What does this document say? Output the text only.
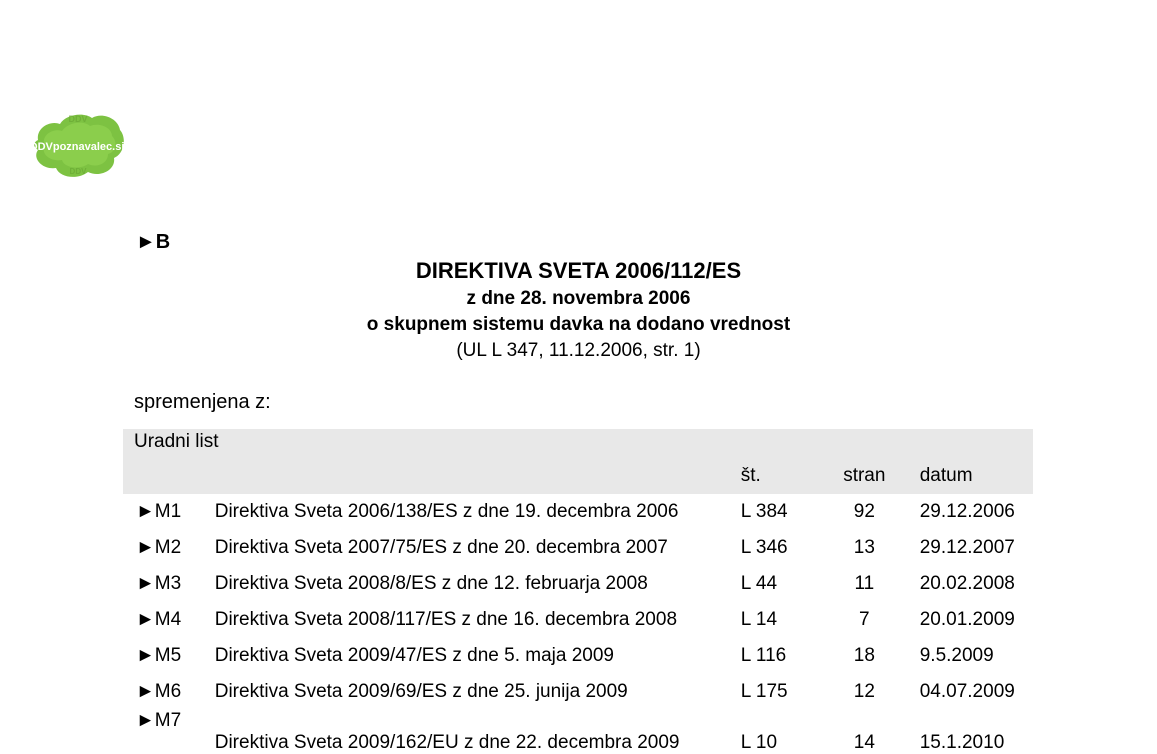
DDV
DDV
DDVpoznavalec.si
►B
DIREKTIVA SVETA 2006/112/ES
z dne 28. novembra 2006
o skupnem sistemu davka na dodano vrednost
(UL L 347, 11.12.2006, str. 1)
spremenjena z:
Uradni list				
		št.	stran	datum
►M1	Direktiva Sveta 2006/138/ES z dne 19. decembra 2006	L 384	92	29.12.2006
►M2	Direktiva Sveta 2007/75/ES z dne 20. decembra 2007	L 346	13	29.12.2007
►M3	Direktiva Sveta 2008/8/ES z dne 12. februarja 2008	L 44	11	20.02.2008
►M4	Direktiva Sveta 2008/117/ES z dne 16. decembra 2008	L 14	7	20.01.2009
►M5	Direktiva Sveta 2009/47/ES z dne 5. maja 2009	L 116	18	9.5.2009
►M6	Direktiva Sveta 2009/69/ES z dne 25. junija 2009	L 175	12	04.07.2009
►M7	Direktiva Sveta 2009/162/EU z dne 22. decembra 2009	L 10	14	15.1.2010
